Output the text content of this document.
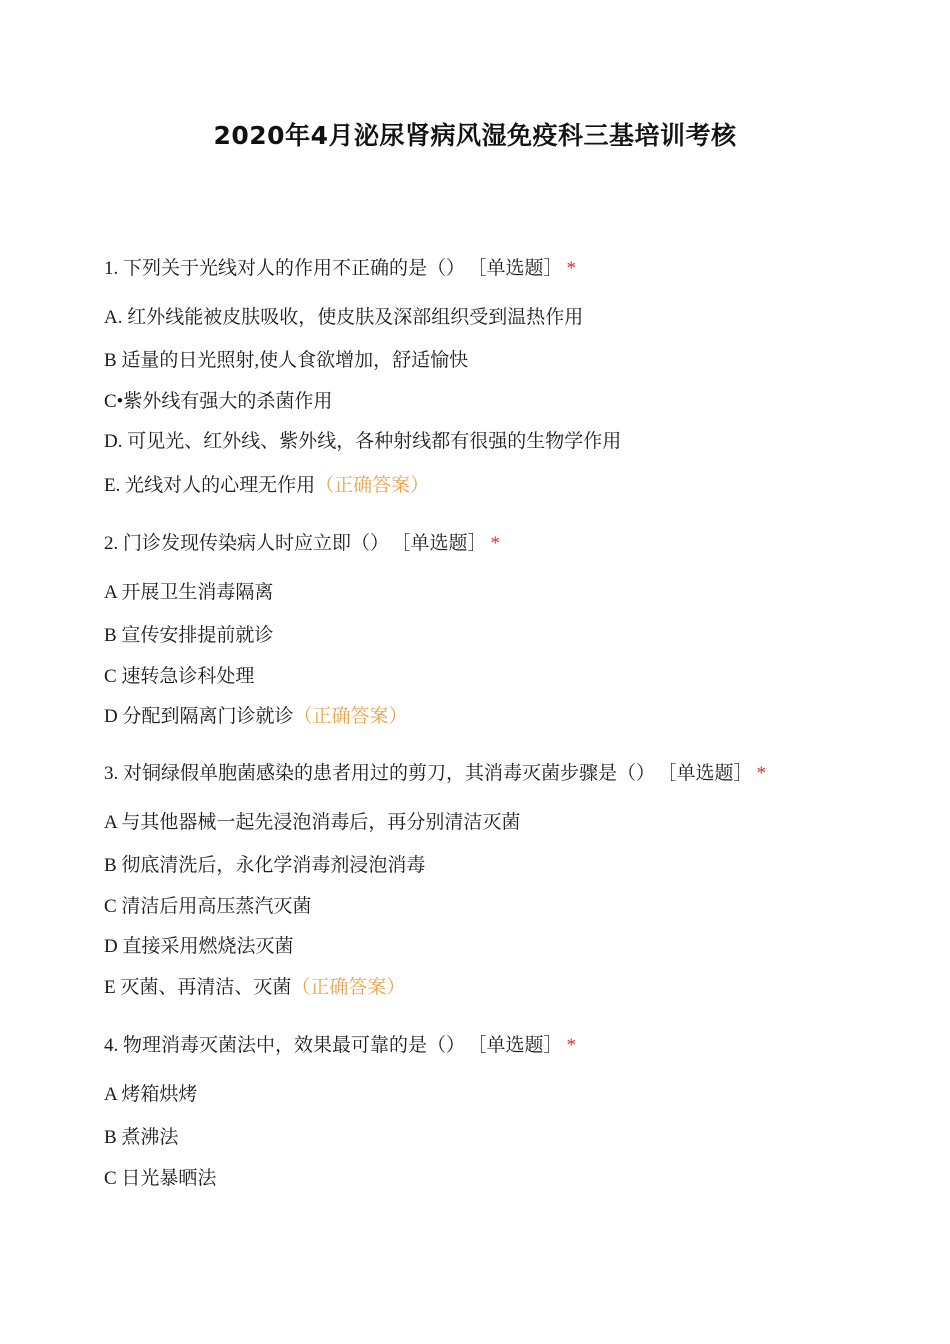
2020年4月泌尿肾病风湿免疫科三基培训考核
1. 下列关于光线对人的作用不正确的是（） ［单选题］ *
A. 红外线能被皮肤吸收，使皮肤及深部组织受到温热作用
B 适量的日光照射,使人食欲增加，舒适愉快
C•紫外线有强大的杀菌作用
D. 可见光、红外线、紫外线，各种射线都有很强的生物学作用
E. 光线对人的心理无作用（正确答案）
2. 门诊发现传染病人时应立即（） ［单选题］ *
A 开展卫生消毒隔离
B 宣传安排提前就诊
C 速转急诊科处理
D 分配到隔离门诊就诊（正确答案）
3. 对铜绿假单胞菌感染的患者用过的剪刀，其消毒灭菌步骤是（） ［单选题］ *
A 与其他器械一起先浸泡消毒后，再分别清洁灭菌
B 彻底清洗后，永化学消毒剂浸泡消毒
C 清洁后用高压蒸汽灭菌
D 直接采用燃烧法灭菌
E 灭菌、再清洁、灭菌（正确答案）
4. 物理消毒灭菌法中，效果最可靠的是（） ［单选题］ *
A 烤箱烘烤
B 煮沸法
C 日光暴晒法
